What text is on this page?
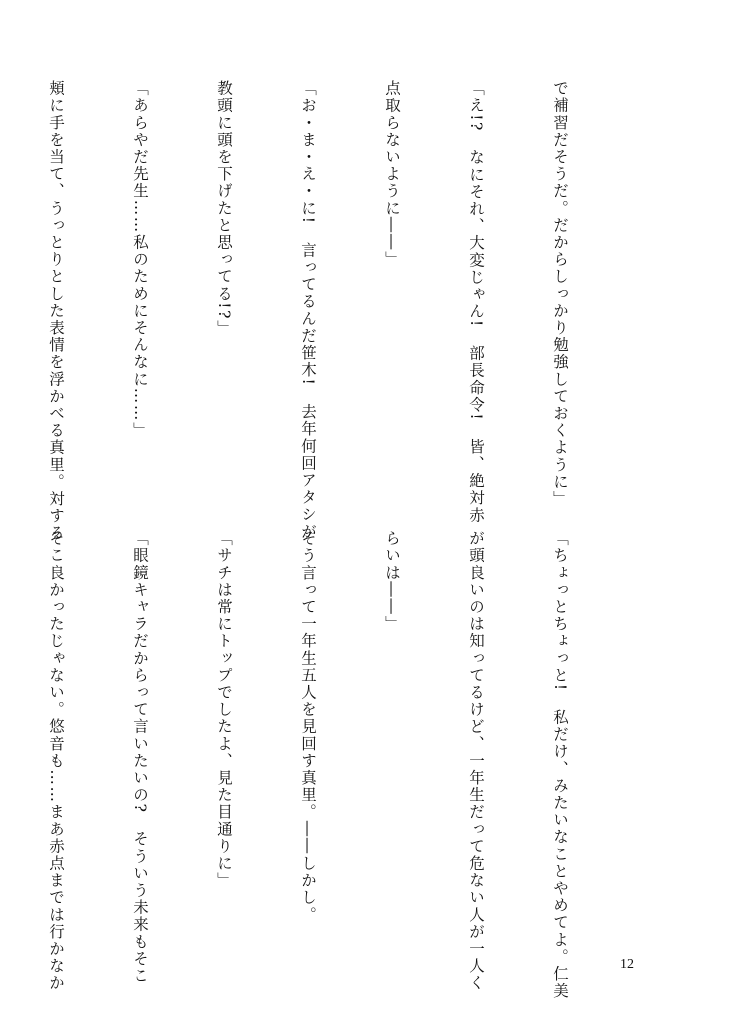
で補習だそうだ。だからしっかり勉強しておくように」

「え!?　なにそれ、大変じゃん!　部長命令!　皆、絶対赤

点取らないように――」

「お・ま・え・に!　言ってるんだ笹木!　去年何回アタシが

教頭に頭を下げたと思ってる!?」

「あらやだ先生……私のためにそんなに……」

頬に手を当て、うっとりとした表情を浮かべる真里。対する

「ちょっとちょっと!　私だけ、みたいなことやめてよ。仁美

が頭良いのは知ってるけど、一年生だって危ない人が一人く

らいは――」

そう言って一年生五人を見回す真里。――しかし。

「サチは常にトップでしたよ、見た目通りに」

「眼鏡キャラだからって言いたいの?　そういう未来もそこ

そこ良かったじゃない。悠音も……まあ赤点までは行かなか

	12
